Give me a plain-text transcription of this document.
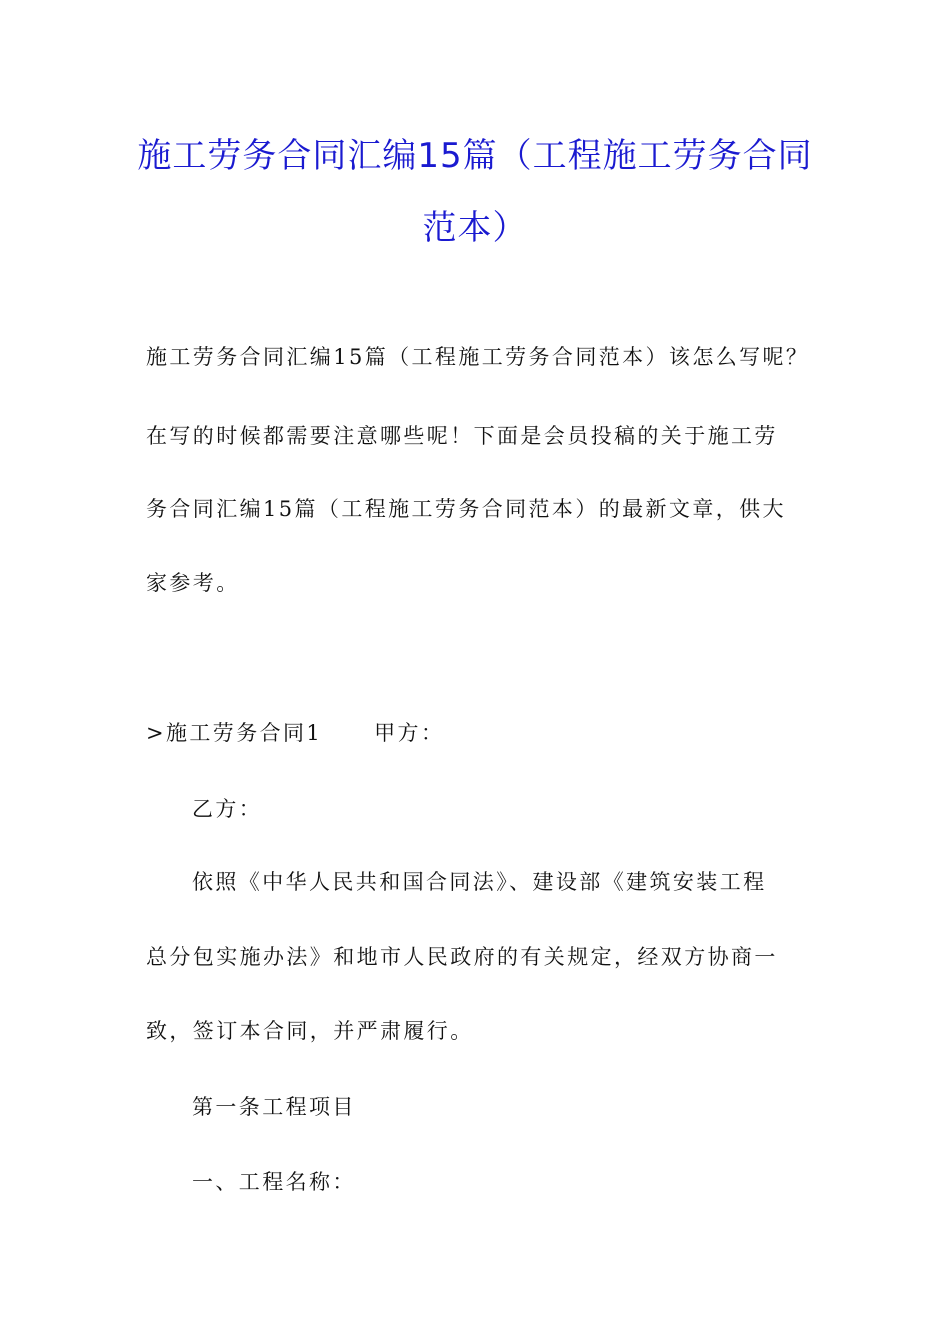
施工劳务合同汇编15篇（工程施工劳务合同范本）
施工劳务合同汇编15篇（工程施工劳务合同范本）该怎么写呢？
在写的时候都需要注意哪些呢！下面是会员投稿的关于施工劳
务合同汇编15篇（工程施工劳务合同范本）的最新文章，供大
家参考。
>施工劳务合同1 甲方：
乙方：
依照《中华人民共和国合同法》、建设部《建筑安装工程
总分包实施办法》和地市人民政府的有关规定，经双方协商一
致，签订本合同，并严肃履行。
第一条工程项目
一、工程名称：
